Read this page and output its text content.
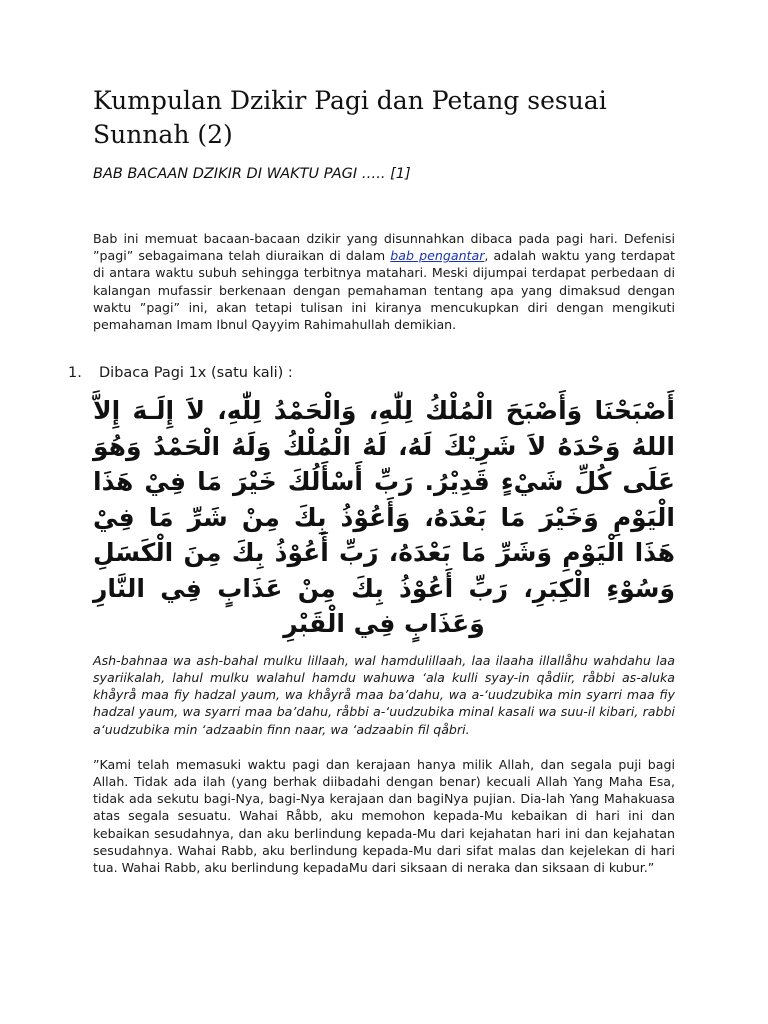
Kumpulan Dzikir Pagi dan Petang sesuai Sunnah (2)
BAB BACAAN DZIKIR DI WAKTU PAGI ….. [1]

Bab ini memuat bacaan-bacaan dzikir yang disunnahkan dibaca pada pagi hari. Defenisi ”pagi” sebagaimana telah diuraikan di dalam bab pengantar, adalah waktu yang terdapat di antara waktu subuh sehingga terbitnya matahari. Meski dijumpai terdapat perbedaan di kalangan mufassir berkenaan dengan pemahaman tentang apa yang dimaksud dengan waktu ”pagi” ini, akan tetapi tulisan ini kiranya mencukupkan diri dengan mengikuti pemahaman Imam Ibnul Qayyim Rahimahullah demikian.

1.	Dibaca Pagi 1x (satu kali) :

أَصْبَحْنَا وَأَصْبَحَ الْمُلْكُ لِلّٰهِ، وَالْحَمْدُ لِلّٰهِ، لاَ إِلَـهَ إِلاَّ اللهُ وَحْدَهُ لاَ شَرِيْكَ لَهُ، لَهُ الْمُلْكُ وَلَهُ الْحَمْدُ وَهُوَ عَلَى كُلِّ شَيْءٍ قَدِيْرُ. رَبِّ أَسْأَلُكَ خَيْرَ مَا فِيْ هَذَا الْيَوْمِ وَخَيْرَ مَا بَعْدَهُ، وَأَعُوْذُ بِكَ مِنْ شَرِّ مَا فِيْ هَذَا الْيَوْمِ وَشَرِّ مَا بَعْدَهُ، رَبِّ أَعُوْذُ بِكَ مِنَ الْكَسَلِ وَسُوْءِ الْكِبَرِ، رَبِّ أَعُوْذُ بِكَ مِنْ عَذَابٍ فِي النَّارِ وَعَذَابٍ فِي الْقَبْرِ

Ash-bahnaa wa ash-bahal mulku lillaah, wal hamdulillaah, laa ilaaha illallåhu wahdahu laa syariikalah, lahul mulku walahul hamdu wahuwa ‘ala kulli syay-in qådiir, råbbi as-aluka khåyrå maa fiy hadzal yaum, wa khåyrå maa ba’dahu, wa a-‘uudzubika min syarri maa fiy hadzal yaum, wa syarri maa ba’dahu, råbbi a-‘uudzubika minal kasali wa suu-il kibari, rabbi a‘uudzubika min ‘adzaabin finn naar, wa ‘adzaabin fil qåbri.

”Kami telah memasuki waktu pagi dan kerajaan hanya milik Allah, dan segala puji bagi Allah. Tidak ada ilah (yang berhak diibadahi dengan benar) kecuali Allah Yang Maha Esa, tidak ada sekutu bagi-Nya, bagi-Nya kerajaan dan bagiNya pujian. Dia-lah Yang Mahakuasa atas segala sesuatu. Wahai Råbb, aku memohon kepada-Mu kebaikan di hari ini dan kebaikan sesudahnya, dan aku berlindung kepada-Mu dari kejahatan hari ini dan kejahatan sesudahnya. Wahai Rabb, aku berlindung kepada-Mu dari sifat malas dan kejelekan di hari tua. Wahai Rabb, aku berlindung kepadaMu dari siksaan di neraka dan siksaan di kubur.”
